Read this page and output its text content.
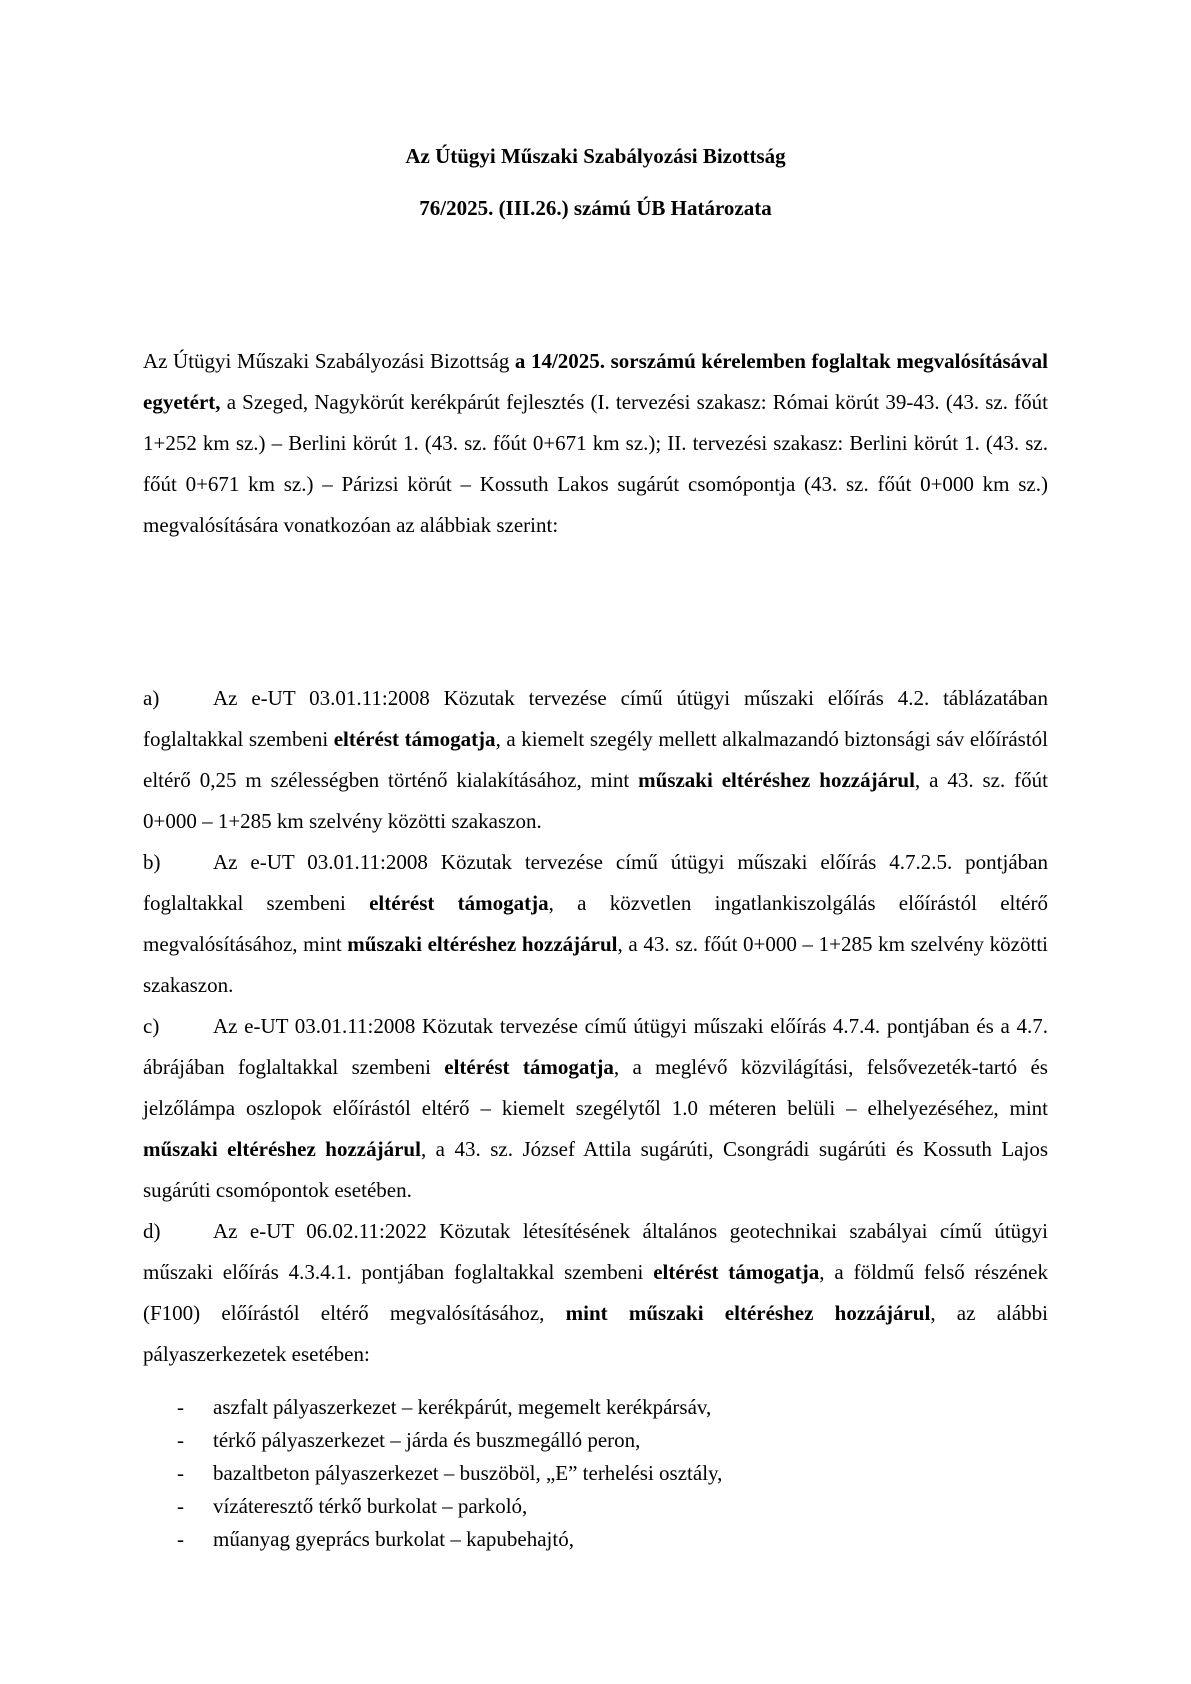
Az Útügyi Műszaki Szabályozási Bizottság
76/2025. (III.26.) számú ÚB Határozata
Az Útügyi Műszaki Szabályozási Bizottság a 14/2025. sorszámú kérelemben foglaltak megvalósításával egyetért, a Szeged, Nagykörút kerékpárút fejlesztés (I. tervezési szakasz: Római körút 39-43. (43. sz. főút 1+252 km sz.) – Berlini körút 1. (43. sz. főút 0+671 km sz.); II. tervezési szakasz: Berlini körút 1. (43. sz. főút 0+671 km sz.) – Párizsi körút – Kossuth Lakos sugárút csomópontja (43. sz. főút 0+000 km sz.) megvalósítására vonatkozóan az alábbiak szerint:

a)	Az e-UT 03.01.11:2008 Közutak tervezése című útügyi műszaki előírás 4.2. táblázatában foglaltakkal szembeni eltérést támogatja, a kiemelt szegély mellett alkalmazandó biztonsági sáv előírástól eltérő 0,25 m szélességben történő kialakításához, mint műszaki eltéréshez hozzájárul, a 43. sz. főút 0+000 – 1+285 km szelvény közötti szakaszon.

b)	Az e-UT 03.01.11:2008 Közutak tervezése című útügyi műszaki előírás 4.7.2.5. pontjában foglaltakkal szembeni eltérést támogatja, a közvetlen ingatlankiszolgálás előírástól eltérő megvalósításához, mint műszaki eltéréshez hozzájárul, a 43. sz. főút 0+000 – 1+285 km szelvény közötti szakaszon.

c)	Az e-UT 03.01.11:2008 Közutak tervezése című útügyi műszaki előírás 4.7.4. pontjában és a 4.7. ábrájában foglaltakkal szembeni eltérést támogatja, a meglévő közvilágítási, felsővezeték-tartó és jelzőlámpa oszlopok előírástól eltérő – kiemelt szegélytől 1.0 méteren belüli – elhelyezéséhez, mint műszaki eltéréshez hozzájárul, a 43. sz. József Attila sugárúti, Csongrádi sugárúti és Kossuth Lajos sugárúti csomópontok esetében.

d)	Az e-UT 06.02.11:2022 Közutak létesítésének általános geotechnikai szabályai című útügyi műszaki előírás 4.3.4.1. pontjában foglaltakkal szembeni eltérést támogatja, a földmű felső részének (F100) előírástól eltérő megvalósításához, mint műszaki eltéréshez hozzájárul, az alábbi pályaszerkezetek esetében:

- aszfalt pályaszerkezet – kerékpárút, megemelt kerékpársáv,
- térkő pályaszerkezet – járda és buszmegálló peron,
- bazaltbeton pályaszerkezet – buszöböl, „E” terhelési osztály,
- vízáteresztő térkő burkolat – parkoló,
- műanyag gyeprács burkolat – kapubehajtó,
